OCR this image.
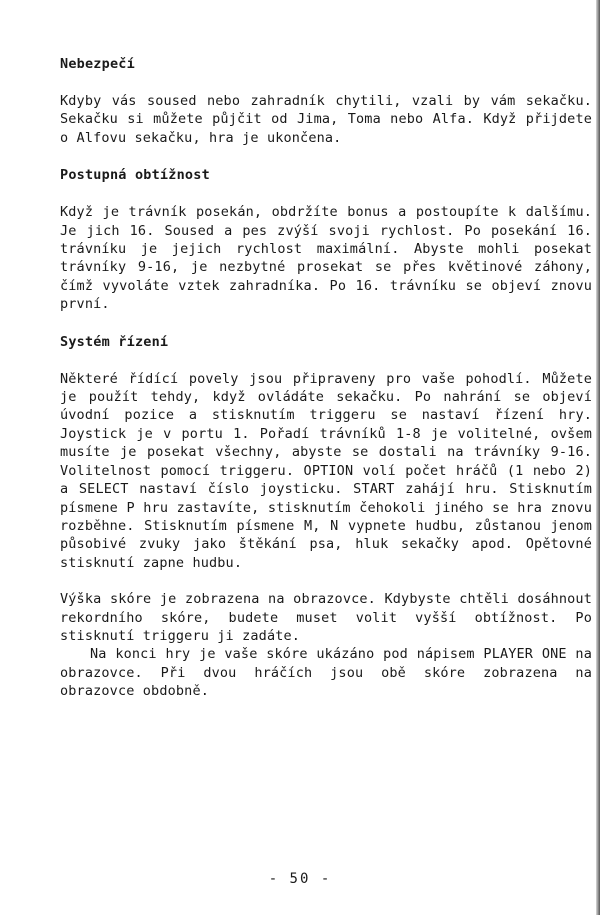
Nebezpečí

Kdyby vás soused nebo zahradník chytili, vzali by vám sekačku. Sekačku si můžete půjčit od Jima, Toma nebo Alfa. Když přijdete o Alfovu sekačku, hra je ukončena.

Postupná obtížnost

Když je trávník posekán, obdržíte bonus a postoupíte k dalšímu. Je jich 16. Soused a pes zvýší svoji rychlost. Po posekání 16. trávníku je jejich rychlost maximální. Abyste mohli posekat trávníky 9-16, je nezbytné prosekat se přes květinové záhony, čímž vyvoláte vztek zahradníka. Po 16. trávníku se objeví znovu první.

Systém řízení

Některé řídící povely jsou připraveny pro vaše pohodlí. Můžete je použít tehdy, když ovládáte sekačku. Po nahrání se objeví úvodní pozice a stisknutím triggeru se nastaví řízení hry. Joystick je v portu 1. Pořadí trávníků 1-8 je volitelné, ovšem musíte je posekat všechny, abyste se dostali na trávníky 9-16. Volitelnost pomocí triggeru. OPTION volí počet hráčů (1 nebo 2) a SELECT nastaví číslo joysticku. START zahájí hru. Stisknutím písmene P hru zastavíte, stisknutím čehokoli jiného se hra znovu rozběhne. Stisknutím písmene M, N vypnete hudbu, zůstanou jenom působivé zvuky jako štěkání psa, hluk sekačky apod. Opětovné stisknutí zapne hudbu.

Výška skóre je zobrazena na obrazovce. Kdybyste chtěli dosáhnout rekordního skóre, budete muset volit vyšší obtížnost. Po stisknutí triggeru ji zadáte.

Na konci hry je vaše skóre ukázáno pod nápisem PLAYER ONE na obrazovce. Při dvou hráčích jsou obě skóre zobrazena na obrazovce obdobně.

- 50 -
